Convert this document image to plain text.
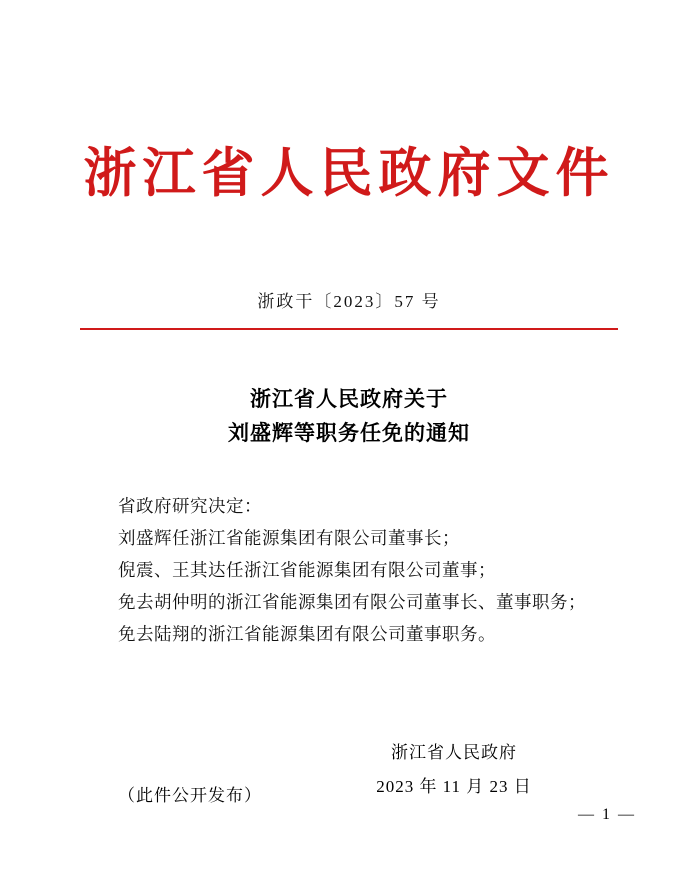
浙江省人民政府文件
浙政干〔2023〕57 号
浙江省人民政府关于
刘盛辉等职务任免的通知

省政府研究决定：

刘盛辉任浙江省能源集团有限公司董事长；

倪震、王其达任浙江省能源集团有限公司董事；

免去胡仲明的浙江省能源集团有限公司董事长、董事职务；

免去陆翔的浙江省能源集团有限公司董事职务。

浙江省人民政府
2023 年 11 月 23 日
（此件公开发布）
— 1 —
